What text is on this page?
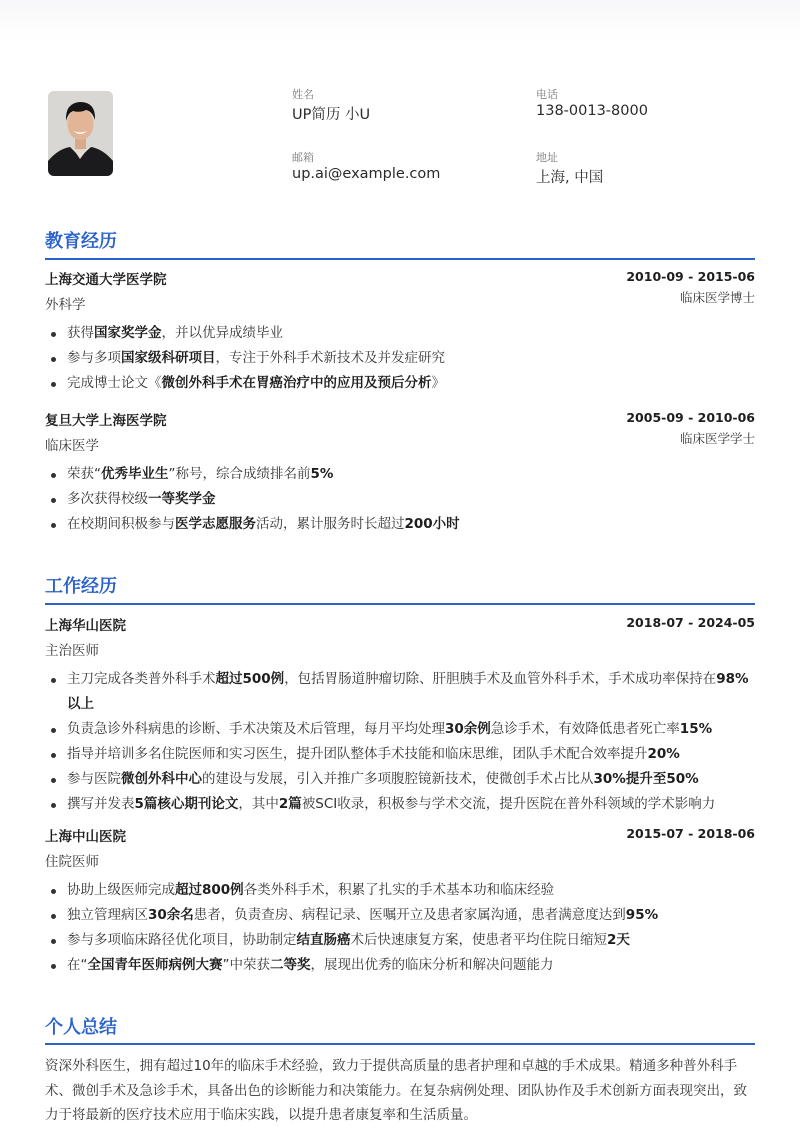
姓名
UP简历 小U
电话
138-0013-8000
邮箱
up.ai@example.com
地址
上海, 中国
教育经历
上海交通大学医学院	2010-09 - 2015-06
外科学	临床医学博士
获得国家奖学金，并以优异成绩毕业
参与多项国家级科研项目，专注于外科手术新技术及并发症研究
完成博士论文《微创外科手术在胃癌治疗中的应用及预后分析》
复旦大学上海医学院	2005-09 - 2010-06
临床医学	临床医学学士
荣获“优秀毕业生”称号，综合成绩排名前5%
多次获得校级一等奖学金
在校期间积极参与医学志愿服务活动，累计服务时长超过200小时
工作经历
上海华山医院	2018-07 - 2024-05
主治医师
主刀完成各类普外科手术超过500例，包括胃肠道肿瘤切除、肝胆胰手术及血管外科手术，手术成功率保持在98%以上
负责急诊外科病患的诊断、手术决策及术后管理，每月平均处理30余例急诊手术，有效降低患者死亡率15%
指导并培训多名住院医师和实习医生，提升团队整体手术技能和临床思维，团队手术配合效率提升20%
参与医院微创外科中心的建设与发展，引入并推广多项腹腔镜新技术，使微创手术占比从30%提升至50%
撰写并发表5篇核心期刊论文，其中2篇被SCI收录，积极参与学术交流，提升医院在普外科领域的学术影响力
上海中山医院	2015-07 - 2018-06
住院医师
协助上级医师完成超过800例各类外科手术，积累了扎实的手术基本功和临床经验
独立管理病区30余名患者，负责查房、病程记录、医嘱开立及患者家属沟通，患者满意度达到95%
参与多项临床路径优化项目，协助制定结直肠癌术后快速康复方案，使患者平均住院日缩短2天
在“全国青年医师病例大赛”中荣获二等奖，展现出优秀的临床分析和解决问题能力
个人总结
资深外科医生，拥有超过10年的临床手术经验，致力于提供高质量的患者护理和卓越的手术成果。精通多种普外科手术、微创手术及急诊手术，具备出色的诊断能力和决策能力。在复杂病例处理、团队协作及手术创新方面表现突出，致力于将最新的医疗技术应用于临床实践，以提升患者康复率和生活质量。
